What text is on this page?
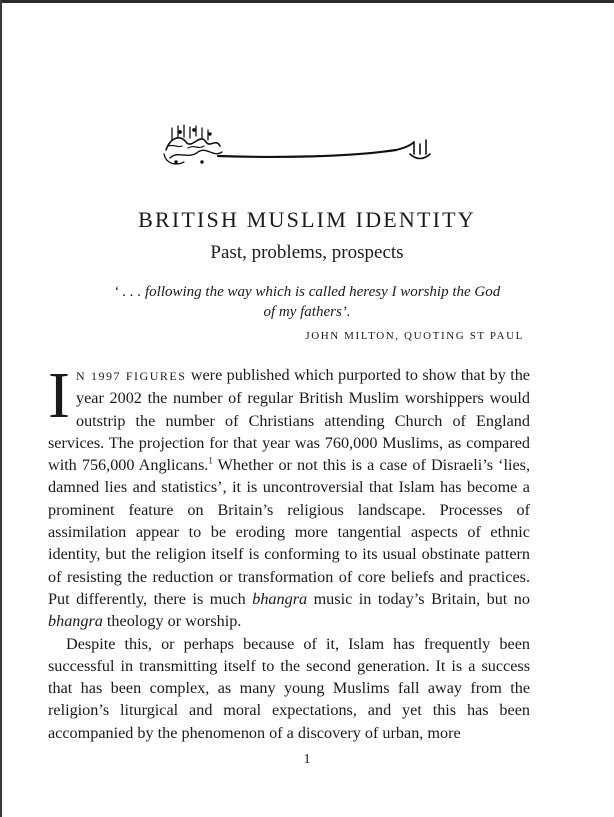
BRITISH MUSLIM IDENTITY
Past, problems, prospects
‘ . . . following the way which is called heresy I worship the God of my fathers’.
JOHN MILTON, QUOTING ST PAUL

I N 1997 FIGURES were published which purported to show that by the year 2002 the number of regular British Muslim worshippers would outstrip the number of Christians attending Church of England services. The projection for that year was 760,000 Muslims, as compared with 756,000 Anglicans.$^1$ Whether or not this is a case of Disraeli’s ‘lies, damned lies and statistics’, it is uncontroversial that Islam has become a prominent feature on Britain’s religious landscape. Processes of assimilation appear to be eroding more tangential aspects of ethnic identity, but the religion itself is conforming to its usual obstinate pattern of resisting the reduction or transformation of core beliefs and practices. Put differently, there is much bhangra music in today’s Britain, but no bhangra theology or worship.

Despite this, or perhaps because of it, Islam has frequently been successful in transmitting itself to the second generation. It is a success that has been complex, as many young Muslims fall away from the religion’s liturgical and moral expectations, and yet this has been accompanied by the phenomenon of a discovery of urban, more

1
